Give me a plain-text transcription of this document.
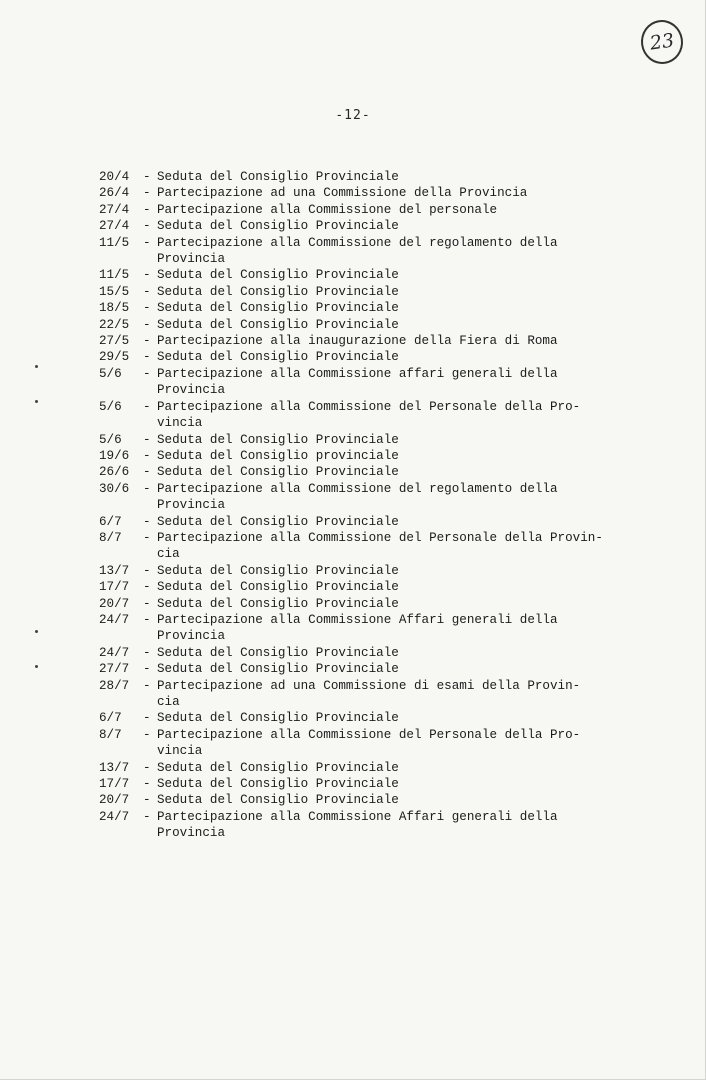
23
-12-
20/4	- Seduta del Consiglio Provinciale
26/4	- Partecipazione ad una Commissione della Provincia
27/4	- Partecipazione alla Commissione del personale
27/4	- Seduta del Consiglio Provinciale
11/5	- Partecipazione alla Commissione del regolamento della
Provincia
11/5	- Seduta del Consiglio Provinciale
15/5	- Seduta del Consiglio Provinciale
18/5	- Seduta del Consiglio Provinciale
22/5	- Seduta del Consiglio Provinciale
27/5	- Partecipazione alla inaugurazione della Fiera di Roma
29/5	- Seduta del Consiglio Provinciale
5/6	- Partecipazione alla Commissione affari generali della
Provincia
5/6	- Partecipazione alla Commissione del Personale della Pro-
vincia
5/6	- Seduta del Consiglio Provinciale
19/6	- Seduta del Consiglio provinciale
26/6	- Seduta del Consiglio Provinciale
30/6	- Partecipazione alla Commissione del regolamento della
Provincia
6/7	- Seduta del Consiglio Provinciale
8/7	- Partecipazione alla Commissione del Personale della Provin-
cia
13/7	- Seduta del Consiglio Provinciale
17/7	- Seduta del Consiglio Provinciale
20/7	- Seduta del Consiglio Provinciale
24/7	- Partecipazione alla Commissione Affari generali della
Provincia
24/7	- Seduta del Consiglio Provinciale
27/7	- Seduta del Consiglio Provinciale
28/7	- Partecipazione ad una Commissione di esami della Provin-
cia
6/7	- Seduta del Consiglio Provinciale
8/7	- Partecipazione alla Commissione del Personale della Pro-
vincia
13/7	- Seduta del Consiglio Provinciale
17/7	- Seduta del Consiglio Provinciale
20/7	- Seduta del Consiglio Provinciale
24/7	- Partecipazione alla Commissione Affari generali della
Provincia
